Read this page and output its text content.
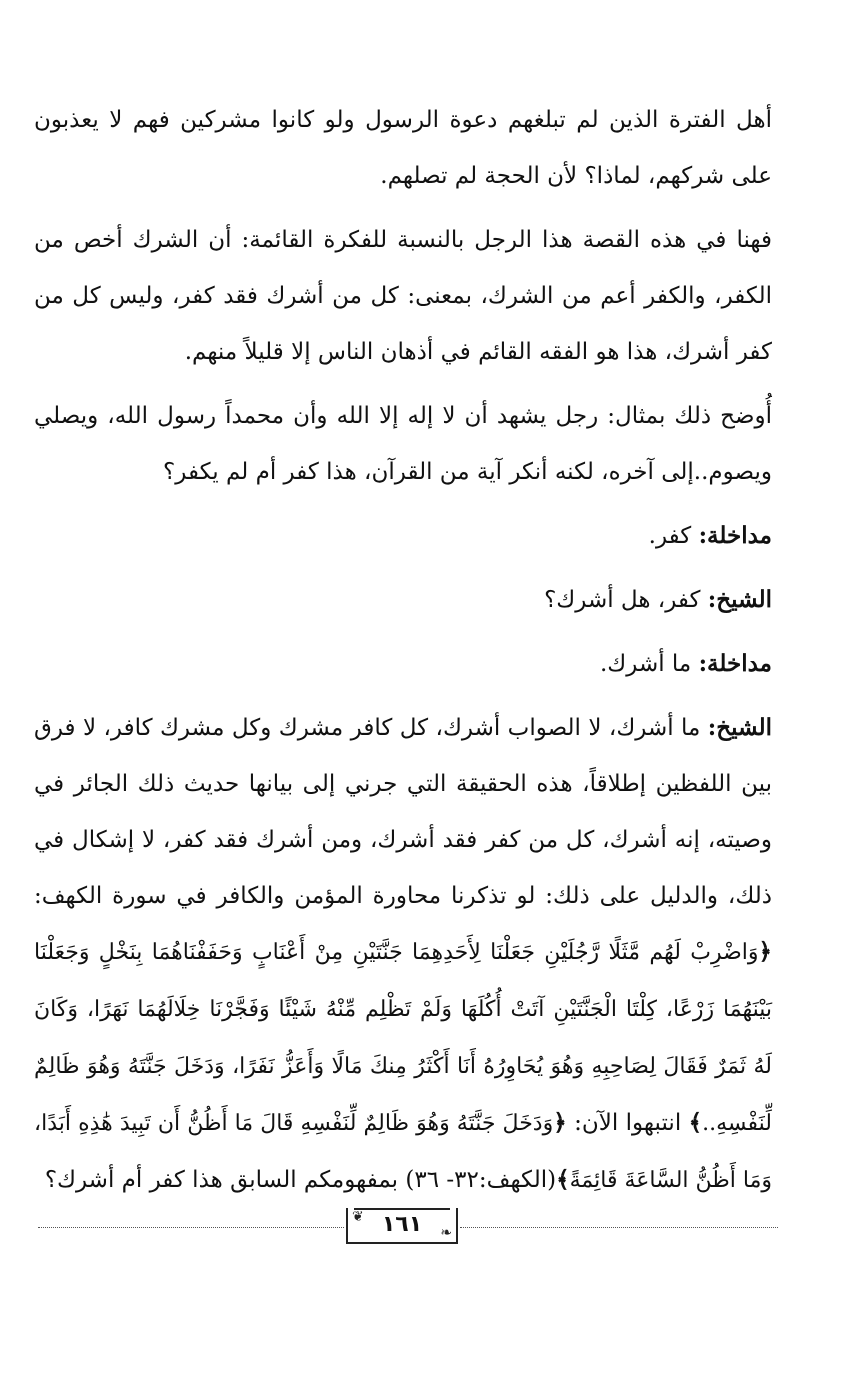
أهل الفترة الذين لم تبلغهم دعوة الرسول ولو كانوا مشركين فهم لا يعذبون على شركهم، لماذا؟ لأن الحجة لم تصلهم.

فهنا في هذه القصة هذا الرجل بالنسبة للفكرة القائمة: أن الشرك أخص من الكفر، والكفر أعم من الشرك، بمعنى: كل من أشرك فقد كفر، وليس كل من كفر أشرك، هذا هو الفقه القائم في أذهان الناس إلا قليلاً منهم.

أُوضح ذلك بمثال: رجل يشهد أن لا إله إلا الله وأن محمداً رسول الله، ويصلي ويصوم..إلى آخره، لكنه أنكر آية من القرآن، هذا كفر أم لم يكفر؟

مداخلة: كفر.

الشيخ: كفر، هل أشرك؟

مداخلة: ما أشرك.

الشيخ: ما أشرك، لا الصواب أشرك، كل كافر مشرك وكل مشرك كافر، لا فرق بين اللفظين إطلاقاً، هذه الحقيقة التي جرني إلى بيانها حديث ذلك الجائر في وصيته، إنه أشرك، كل من كفر فقد أشرك، ومن أشرك فقد كفر، لا إشكال في ذلك، والدليل على ذلك: لو تذكرنا محاورة المؤمن والكافر في سورة الكهف:﴿وَاضْرِبْ لَهُم مَّثَلًا رَّجُلَيْنِ جَعَلْنَا لِأَحَدِهِمَا جَنَّتَيْنِ مِنْ أَعْنَابٍ وَحَفَفْنَاهُمَا بِنَخْلٍ وَجَعَلْنَا بَيْنَهُمَا زَرْعًا، كِلْتَا الْجَنَّتَيْنِ آتَتْ أُكُلَهَا وَلَمْ تَظْلِم مِّنْهُ شَيْئًا وَفَجَّرْنَا خِلَالَهُمَا نَهَرًا، وَكَانَ لَهُ ثَمَرٌ فَقَالَ لِصَاحِبِهِ وَهُوَ يُحَاوِرُهُ أَنَا أَكْثَرُ مِنكَ مَالًا وَأَعَزُّ نَفَرًا، وَدَخَلَ جَنَّتَهُ وَهُوَ ظَالِمٌ لِّنَفْسِهِ..﴾ انتبهوا الآن: ﴿وَدَخَلَ جَنَّتَهُ وَهُوَ ظَالِمٌ لِّنَفْسِهِ قَالَ مَا أَظُنُّ أَن تَبِيدَ هَٰذِهِ أَبَدًا، وَمَا أَظُنُّ السَّاعَةَ قَائِمَةً﴾(الكهف:٣٢- ٣٦) بمفهومكم السابق هذا كفر أم أشرك؟

❦ ١٦١	❧
